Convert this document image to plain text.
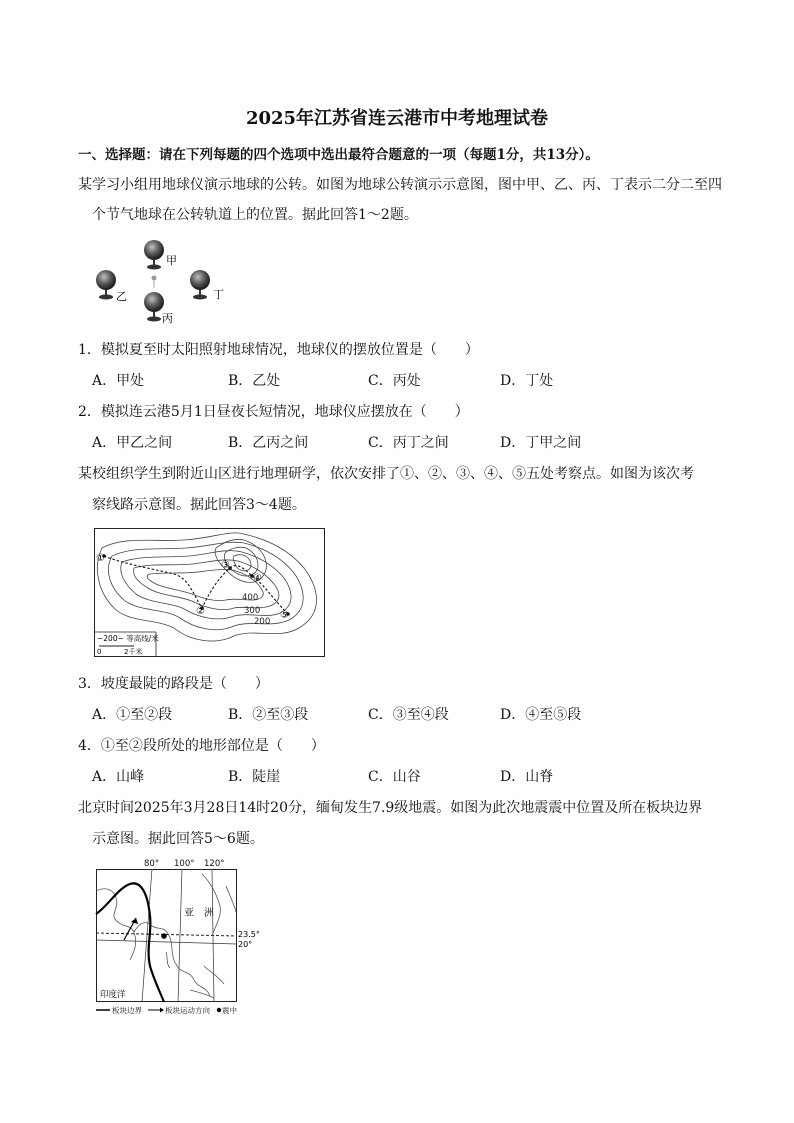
2025年江苏省连云港市中考地理试卷
一、选择题：请在下列每题的四个选项中选出最符合题意的一项（每题1分，共13分）。
某学习小组用地球仪演示地球的公转。如图为地球公转演示示意图，图中甲、乙、丙、丁表示二分二至四
个节气地球在公转轨道上的位置。据此回答1～2题。
甲
乙
丙
丁
1．模拟夏至时太阳照射地球情况，地球仪的摆放位置是（　　）
A．甲处	B．乙处	C．丙处	D．丁处
2．模拟连云港5月1日昼夜长短情况，地球仪应摆放在（　　）
A．甲乙之间	B．乙丙之间	C．丙丁之间	D．丁甲之间
某校组织学生到附近山区进行地理研学，依次安排了①、②、③、④、⑤五处考察点。如图为该次考
察线路示意图。据此回答3～4题。
①
②
③
④
⑤
400
300
200
~200~ 等高线/米
0	2千米
3．坡度最陡的路段是（　　）
A．①至②段	B．②至③段	C．③至④段	D．④至⑤段
4．①至②段所处的地形部位是（　　）
A．山峰	B．陡崖	C．山谷	D．山脊
北京时间2025年3月28日14时20分，缅甸发生7.9级地震。如图为此次地震震中位置及所在板块边界
示意图。据此回答5～6题。
80° 100° 120°
亚　洲
23.5°
20°
印度洋
板块边界	板块运动方向 震中
